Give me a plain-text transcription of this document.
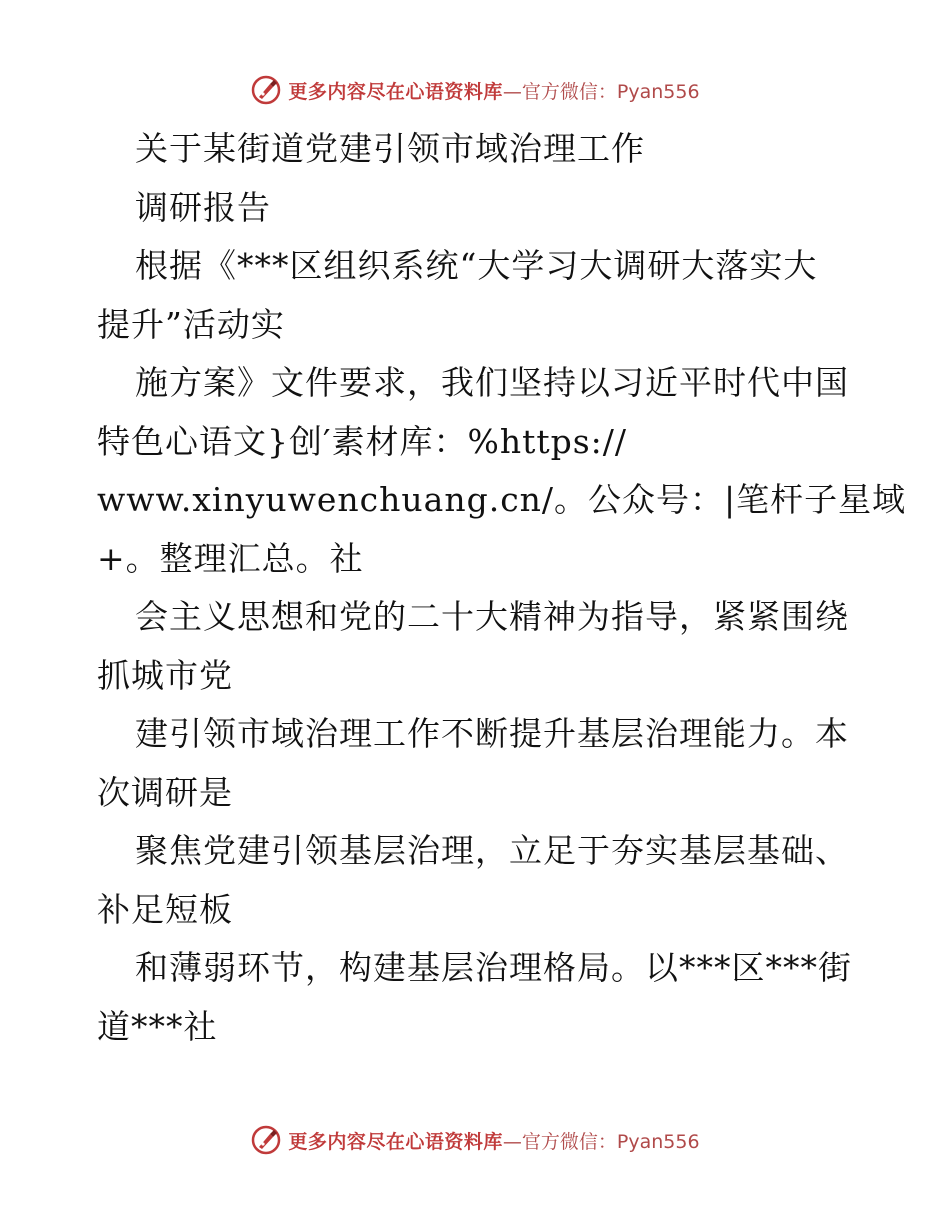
更多内容尽在心语资料库 —官方微信：Pyan556
关于某街道党建引领市域治理工作
调研报告
根据《***区组织系统“大学习大调研大落实大
提升”活动实
施方案》文件要求，我们坚持以习近平时代中国
特色心语文}创′素材库：%https://
www.xinyuwenchuang.cn/。公众号：|笔杆子星域
+。整理汇总。社
会主义思想和党的二十大精神为指导，紧紧围绕
抓城市党
建引领市域治理工作不断提升基层治理能力。本
次调研是
聚焦党建引领基层治理，立足于夯实基层基础、
补足短板
和薄弱环节，构建基层治理格局。以***区***街
道***社
更多内容尽在心语资料库 —官方微信：Pyan556
